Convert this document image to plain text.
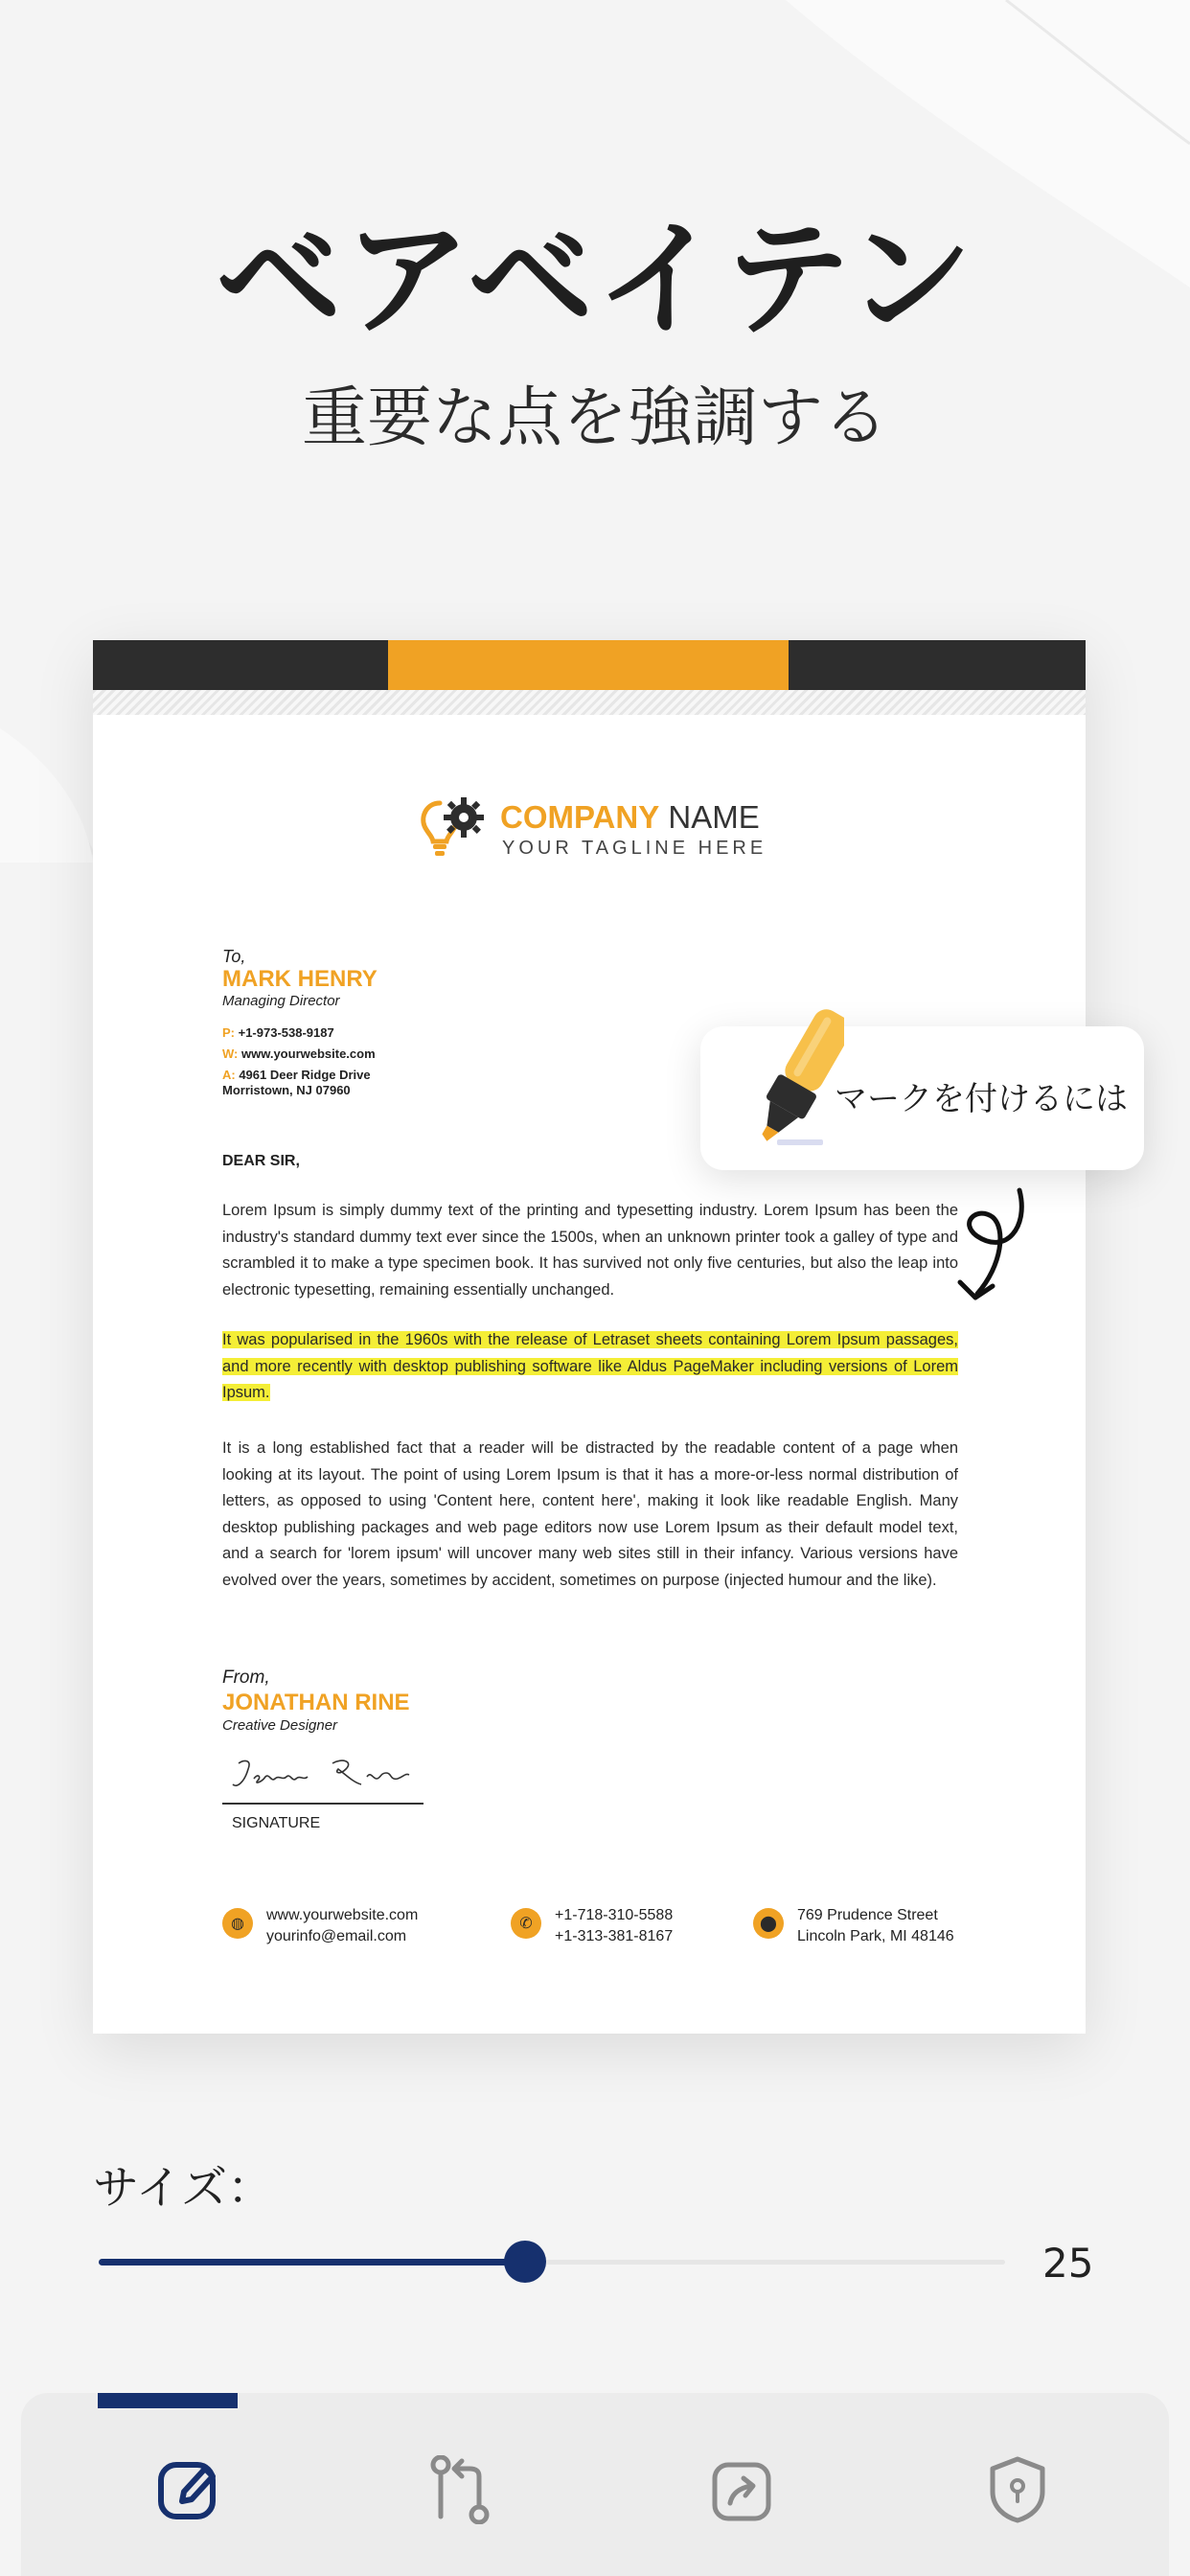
ベアベイテン
重要な点を強調する
COMPANY NAME
YOUR TAGLINE HERE
To,
MARK HENRY
Managing Director
P: +1-973-538-9187
W: www.yourwebsite.com
A: 4961 Deer Ridge Drive
Morristown, NJ 07960
DEAR SIR,

Lorem Ipsum is simply dummy text of the printing and typesetting industry. Lorem Ipsum has been the industry's standard dummy text ever since the 1500s, when an unknown printer took a galley of type and scrambled it to make a type specimen book. It has survived not only five centuries, but also the leap into electronic typesetting, remaining essentially unchanged.

It was popularised in the 1960s with the release of Letraset sheets containing Lorem Ipsum passages, and more recently with desktop publishing software like Aldus PageMaker including versions of Lorem Ipsum.

It is a long established fact that a reader will be distracted by the readable content of a page when looking at its layout. The point of using Lorem Ipsum is that it has a more-or-less normal distribution of letters, as opposed to using 'Content here, content here', making it look like readable English. Many desktop publishing packages and web page editors now use Lorem Ipsum as their default model text, and a search for 'lorem ipsum' will uncover many web sites still in their infancy. Various versions have evolved over the years, sometimes by accident, sometimes on purpose (injected humour and the like).

From,
JONATHAN RINE
Creative Designer
SIGNATURE
◍	www.yourwebsite.com
yourinfo@email.com
✆	+1-718-310-5588
+1-313-381-8167
⬤	769 Prudence Street
Lincoln Park, MI 48146
マークを付けるには
サイズ：
25
